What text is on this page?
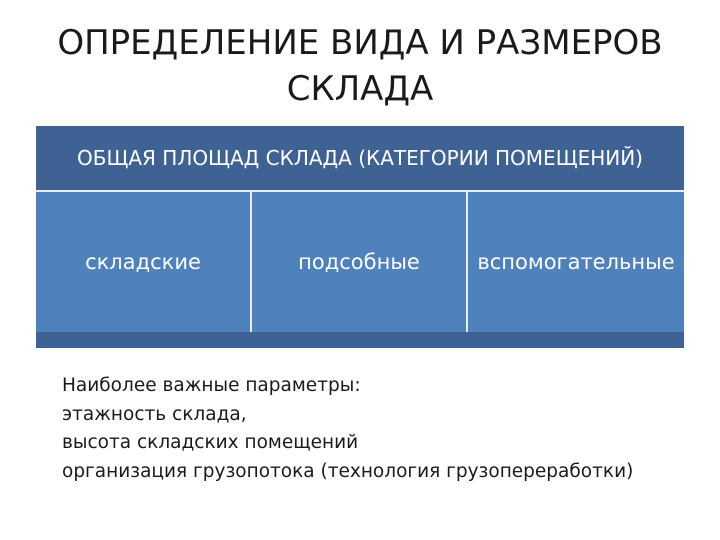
ОПРЕДЕЛЕНИЕ ВИДА И РАЗМЕРОВ
СКЛАДА
ОБЩАЯ ПЛОЩАД СКЛАДА (КАТЕГОРИИ ПОМЕЩЕНИЙ)
складские	подсобные	вспомогательные
Наиболее важные параметры:
этажность склада,
высота складских помещений
организация грузопотока (технология грузопереработки)
